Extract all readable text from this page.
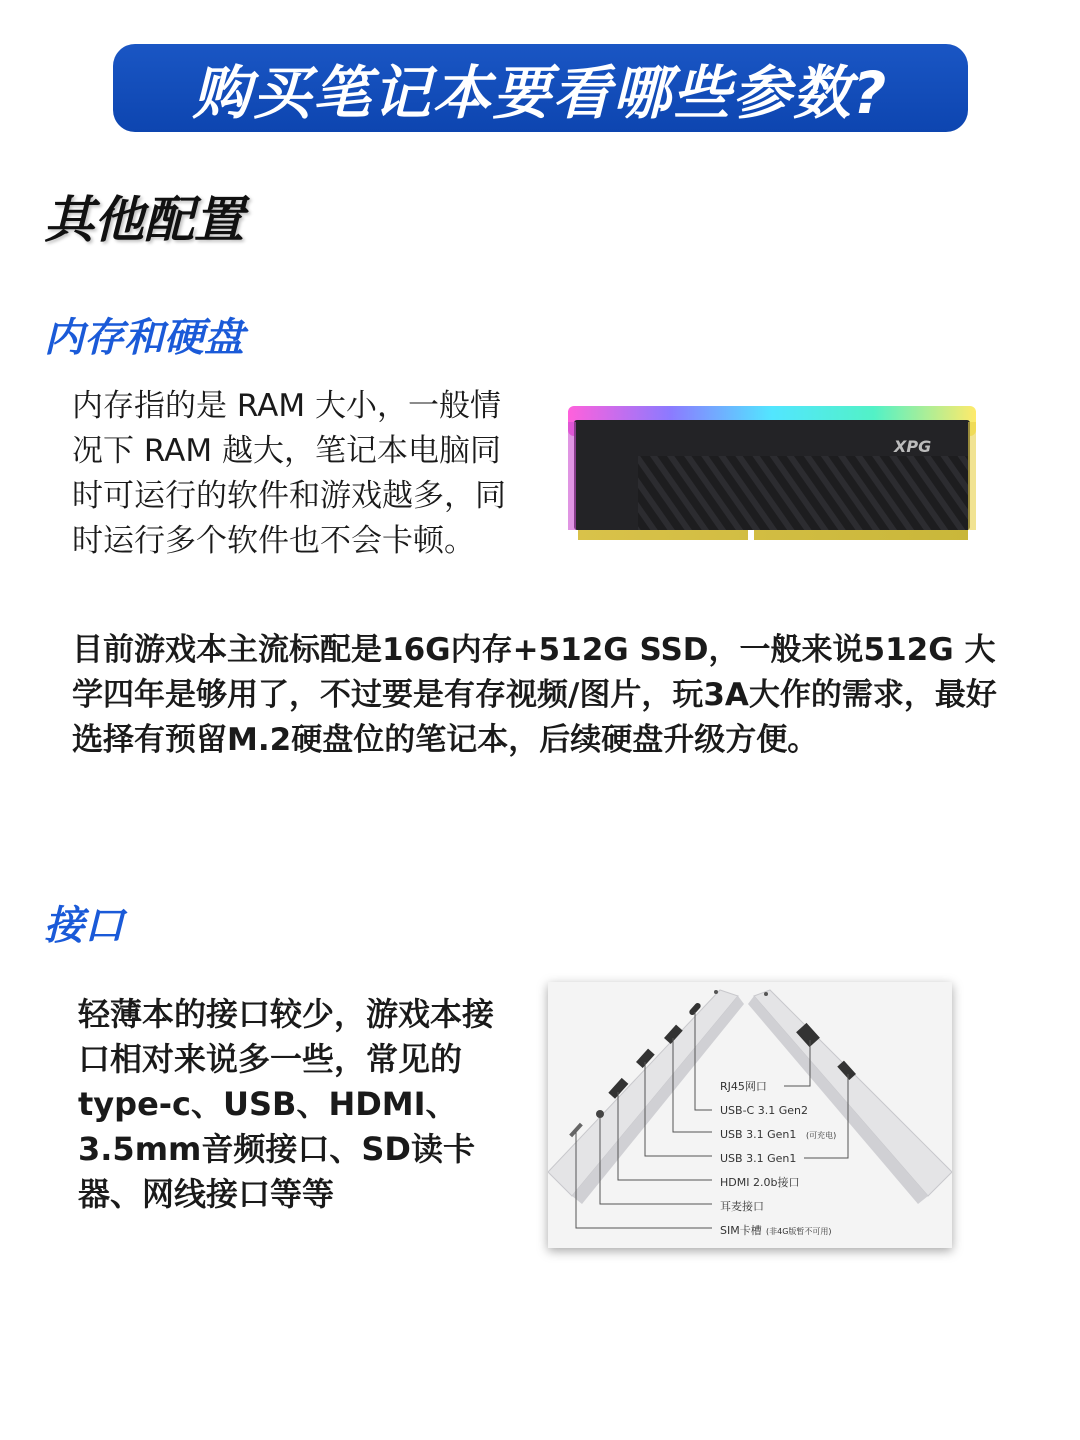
购买笔记本要看哪些参数?
其他配置
内存和硬盘
内存指的是 RAM 大小，一般情况下 RAM 越大，笔记本电脑同时可运行的软件和游戏越多，同时运行多个软件也不会卡顿。
XPG
目前游戏本主流标配是16G内存+512G SSD，一般来说512G 大学四年是够用了，不过要是有存视频/图片，玩3A大作的需求，最好选择有预留M.2硬盘位的笔记本，后续硬盘升级方便。
接口
轻薄本的接口较少，游戏本接口相对来说多一些，常见的type-c、USB、HDMI、3.5mm音频接口、SD读卡器、网线接口等等
RJ45网口
USB-C 3.1 Gen2
USB 3.1 Gen1 (可充电)
USB 3.1 Gen1
HDMI 2.0b接口
耳麦接口
SIM卡槽 (非4G版暂不可用)
